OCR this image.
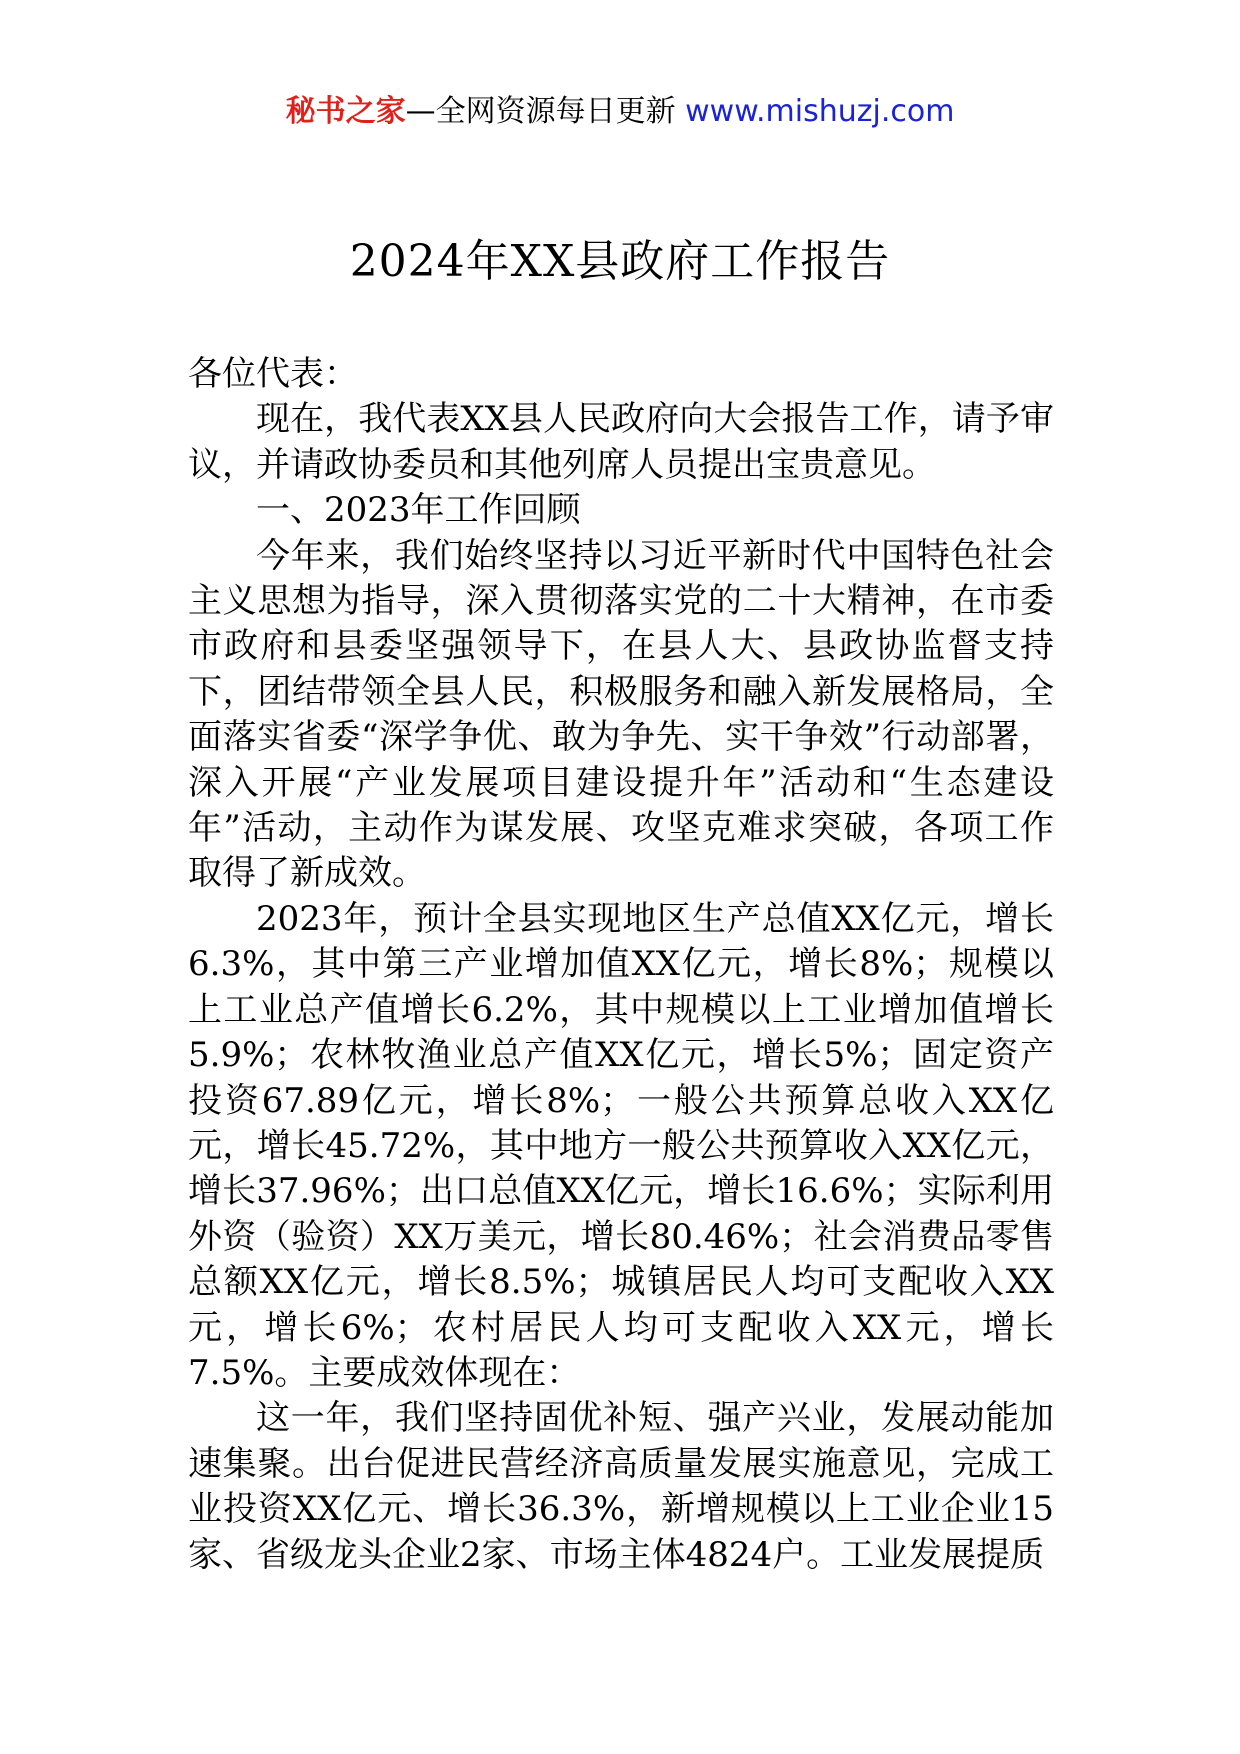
秘书之家—全网资源每日更新 www.mishuzj.com
2024年XX县政府工作报告

各位代表：

现在，我代表XX县人民政府向大会报告工作，请予审议，并请政协委员和其他列席人员提出宝贵意见。

一、2023年工作回顾

今年来，我们始终坚持以习近平新时代中国特色社会主义思想为指导，深入贯彻落实党的二十大精神，在市委市政府和县委坚强领导下，在县人大、县政协监督支持下，团结带领全县人民，积极服务和融入新发展格局，全面落实省委“深学争优、敢为争先、实干争效”行动部署，深入开展“产业发展项目建设提升年”活动和“生态建设年”活动，主动作为谋发展、攻坚克难求突破，各项工作取得了新成效。

2023年，预计全县实现地区生产总值XX亿元，增长6.3%，其中第三产业增加值XX亿元，增长8%；规模以上工业总产值增长6.2%，其中规模以上工业增加值增长5.9%；农林牧渔业总产值XX亿元，增长5%；固定资产投资67.89亿元，增长8%；一般公共预算总收入XX亿元，增长45.72%，其中地方一般公共预算收入XX亿元，增长37.96%；出口总值XX亿元，增长16.6%；实际利用外资（验资）XX万美元，增长80.46%；社会消费品零售总额XX亿元，增长8.5%；城镇居民人均可支配收入XX元，增长6%；农村居民人均可支配收入XX元，增长7.5%。主要成效体现在：

这一年，我们坚持固优补短、强产兴业，发展动能加速集聚。出台促进民营经济高质量发展实施意见，完成工业投资XX亿元、增长36.3%，新增规模以上工业企业15家、省级龙头企业2家、市场主体4824户。工业发展提质
